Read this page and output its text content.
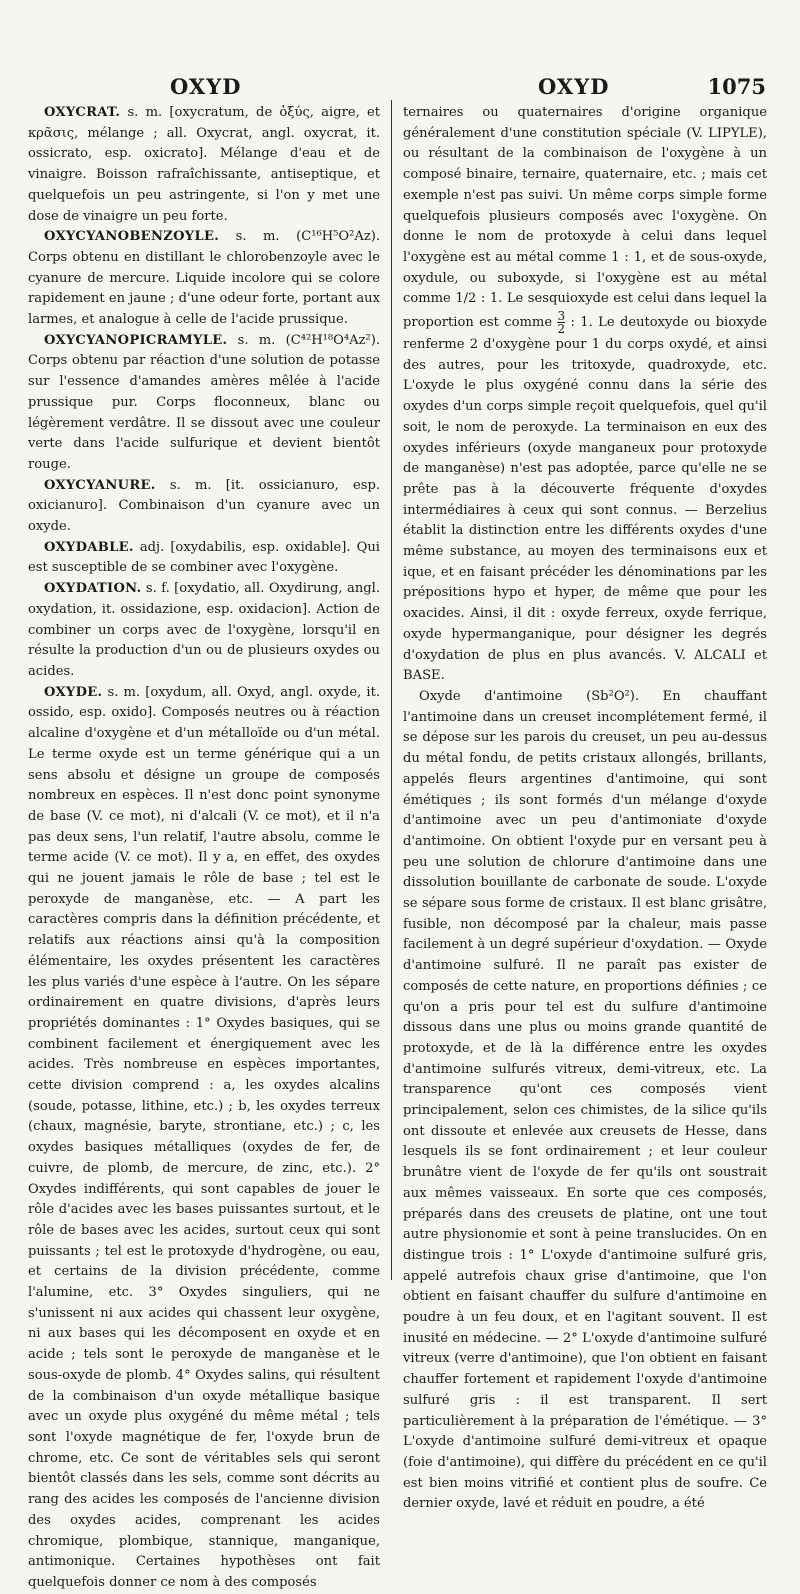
OXYD	OXYD	1075

OXYCRAT. s. m. [oxycratum, de ὀξύς, aigre, et κρᾶσις, mélange ; all. Oxycrat, angl. oxycrat, it. ossicrato, esp. oxicrato]. Mélange d'eau et de vinaigre. Boisson rafraîchissante, antiseptique, et quelquefois un peu astringente, si l'on y met une dose de vinaigre un peu forte.

OXYCYANOBENZOYLE. s. m. (C¹⁶H⁵O²Az). Corps obtenu en distillant le chlorobenzoyle avec le cyanure de mercure. Liquide incolore qui se colore rapidement en jaune ; d'une odeur forte, portant aux larmes, et analogue à celle de l'acide prussique.

OXYCYANOPICRAMYLE. s. m. (C⁴²H¹⁸O⁴Az²). Corps obtenu par réaction d'une solution de potasse sur l'essence d'amandes amères mêlée à l'acide prussique pur. Corps floconneux, blanc ou légèrement verdâtre. Il se dissout avec une couleur verte dans l'acide sulfurique et devient bientôt rouge.

OXYCYANURE. s. m. [it. ossicianuro, esp. oxicianuro]. Combinaison d'un cyanure avec un oxyde.

OXYDABLE. adj. [oxydabilis, esp. oxidable]. Qui est susceptible de se combiner avec l'oxygène.

OXYDATION. s. f. [oxydatio, all. Oxydirung, angl. oxydation, it. ossidazione, esp. oxidacion]. Action de combiner un corps avec de l'oxygène, lorsqu'il en résulte la production d'un ou de plusieurs oxydes ou acides.

OXYDE. s. m. [oxydum, all. Oxyd, angl. oxyde, it. ossido, esp. oxido]. Composés neutres ou à réaction alcaline d'oxygène et d'un métalloïde ou d'un métal. Le terme oxyde est un terme générique qui a un sens absolu et désigne un groupe de composés nombreux en espèces. Il n'est donc point synonyme de base (V. ce mot), ni d'alcali (V. ce mot), et il n'a pas deux sens, l'un relatif, l'autre absolu, comme le terme acide (V. ce mot). Il y a, en effet, des oxydes qui ne jouent jamais le rôle de base ; tel est le peroxyde de manganèse, etc. — A part les caractères compris dans la définition précédente, et relatifs aux réactions ainsi qu'à la composition élémentaire, les oxydes présentent les caractères les plus variés d'une espèce à l'autre. On les sépare ordinairement en quatre divisions, d'après leurs propriétés dominantes : 1° Oxydes basiques, qui se combinent facilement et énergiquement avec les acides. Très nombreuse en espèces importantes, cette division comprend : a, les oxydes alcalins (soude, potasse, lithine, etc.) ; b, les oxydes terreux (chaux, magnésie, baryte, strontiane, etc.) ; c, les oxydes basiques métalliques (oxydes de fer, de cuivre, de plomb, de mercure, de zinc, etc.). 2° Oxydes indifférents, qui sont capables de jouer le rôle d'acides avec les bases puissantes surtout, et le rôle de bases avec les acides, surtout ceux qui sont puissants ; tel est le protoxyde d'hydrogène, ou eau, et certains de la division précédente, comme l'alumine, etc. 3° Oxydes singuliers, qui ne s'unissent ni aux acides qui chassent leur oxygène, ni aux bases qui les décomposent en oxyde et en acide ; tels sont le peroxyde de manganèse et le sous-oxyde de plomb. 4° Oxydes salins, qui résultent de la combinaison d'un oxyde métallique basique avec un oxyde plus oxygéné du même métal ; tels sont l'oxyde magnétique de fer, l'oxyde brun de chrome, etc. Ce sont de véritables sels qui seront bientôt classés dans les sels, comme sont décrits au rang des acides les composés de l'ancienne division des oxydes acides, comprenant les acides chromique, plombique, stannique, manganique, antimonique. Certaines hypothèses ont fait quelquefois donner ce nom à des composés

ternaires ou quaternaires d'origine organique généralement d'une constitution spéciale (V. LIPYLE), ou résultant de la combinaison de l'oxygène à un composé binaire, ternaire, quaternaire, etc. ; mais cet exemple n'est pas suivi. Un même corps simple forme quelquefois plusieurs composés avec l'oxygène. On donne le nom de protoxyde à celui dans lequel l'oxygène est au métal comme 1 : 1, et de sous-oxyde, oxydule, ou suboxyde, si l'oxygène est au métal comme 1/2 : 1. Le sesquioxyde est celui dans lequel la proportion est comme $\frac{3}{2}$ : 1. Le deutoxyde ou bioxyde renferme 2 d'oxygène pour 1 du corps oxydé, et ainsi des autres, pour les tritoxyde, quadroxyde, etc. L'oxyde le plus oxygéné connu dans la série des oxydes d'un corps simple reçoit quelquefois, quel qu'il soit, le nom de peroxyde. La terminaison en eux des oxydes inférieurs (oxyde manganeux pour protoxyde de manganèse) n'est pas adoptée, parce qu'elle ne se prête pas à la découverte fréquente d'oxydes intermédiaires à ceux qui sont connus. — Berzelius établit la distinction entre les différents oxydes d'une même substance, au moyen des terminaisons eux et ique, et en faisant précéder les dénominations par les prépositions hypo et hyper, de même que pour les oxacides. Ainsi, il dit : oxyde ferreux, oxyde ferrique, oxyde hypermanganique, pour désigner les degrés d'oxydation de plus en plus avancés. V. ALCALI et BASE.

Oxyde d'antimoine (Sb²O²). En chauffant l'antimoine dans un creuset incomplétement fermé, il se dépose sur les parois du creuset, un peu au-dessus du métal fondu, de petits cristaux allongés, brillants, appelés fleurs argentines d'antimoine, qui sont émétiques ; ils sont formés d'un mélange d'oxyde d'antimoine avec un peu d'antimoniate d'oxyde d'antimoine. On obtient l'oxyde pur en versant peu à peu une solution de chlorure d'antimoine dans une dissolution bouillante de carbonate de soude. L'oxyde se sépare sous forme de cristaux. Il est blanc grisâtre, fusible, non décomposé par la chaleur, mais passe facilement à un degré supérieur d'oxydation. — Oxyde d'antimoine sulfuré. Il ne paraît pas exister de composés de cette nature, en proportions définies ; ce qu'on a pris pour tel est du sulfure d'antimoine dissous dans une plus ou moins grande quantité de protoxyde, et de là la différence entre les oxydes d'antimoine sulfurés vitreux, demi-vitreux, etc. La transparence qu'ont ces composés vient principalement, selon ces chimistes, de la silice qu'ils ont dissoute et enlevée aux creusets de Hesse, dans lesquels ils se font ordinairement ; et leur couleur brunâtre vient de l'oxyde de fer qu'ils ont soustrait aux mêmes vaisseaux. En sorte que ces composés, préparés dans des creusets de platine, ont une tout autre physionomie et sont à peine translucides. On en distingue trois : 1° L'oxyde d'antimoine sulfuré gris, appelé autrefois chaux grise d'antimoine, que l'on obtient en faisant chauffer du sulfure d'antimoine en poudre à un feu doux, et en l'agitant souvent. Il est inusité en médecine. — 2° L'oxyde d'antimoine sulfuré vitreux (verre d'antimoine), que l'on obtient en faisant chauffer fortement et rapidement l'oxyde d'antimoine sulfuré gris : il est transparent. Il sert particulièrement à la préparation de l'émétique. — 3° L'oxyde d'antimoine sulfuré demi-vitreux et opaque (foie d'antimoine), qui diffère du précédent en ce qu'il est bien moins vitrifié et contient plus de soufre. Ce dernier oxyde, lavé et réduit en poudre, a été
